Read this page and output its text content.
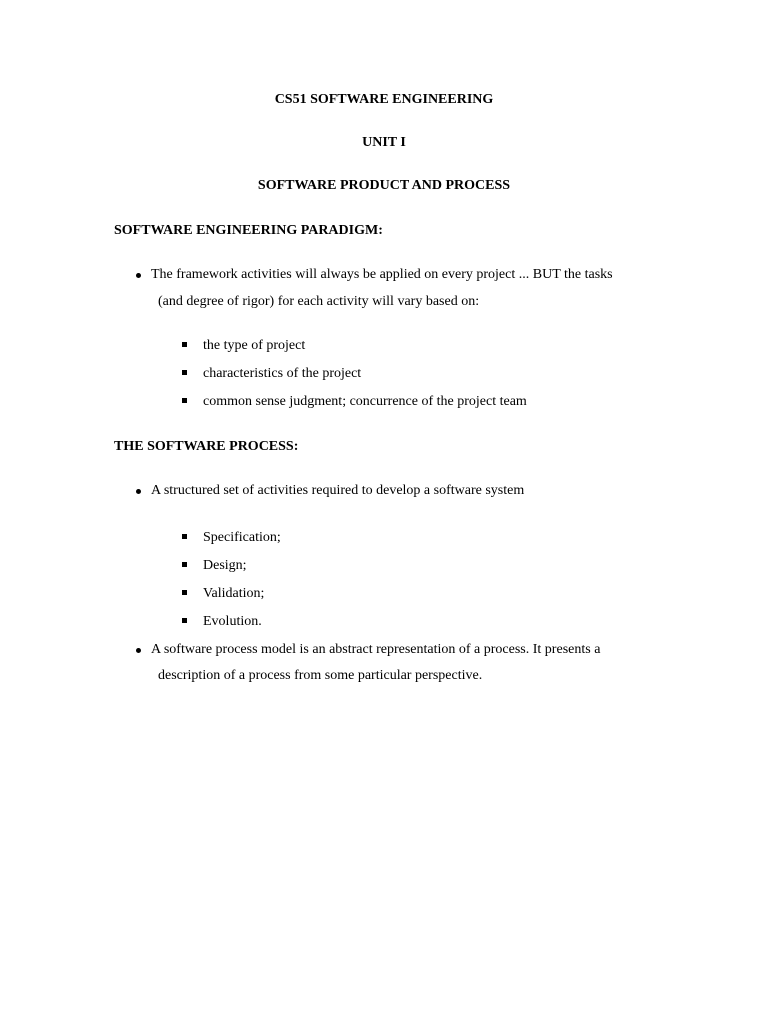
CS51 SOFTWARE ENGINEERING
UNIT I
SOFTWARE PRODUCT AND PROCESS
SOFTWARE ENGINEERING PARADIGM:
The framework activities will always be applied on every project ... BUT the tasks
(and degree of rigor) for each activity will vary based on:
the type of project
characteristics of the project
common sense judgment; concurrence of the project team
THE SOFTWARE PROCESS:
A structured set of activities required to develop a software system
Specification;
Design;
Validation;
Evolution.
A software process model is an abstract representation of a process. It presents a
description of a process from some particular perspective.
